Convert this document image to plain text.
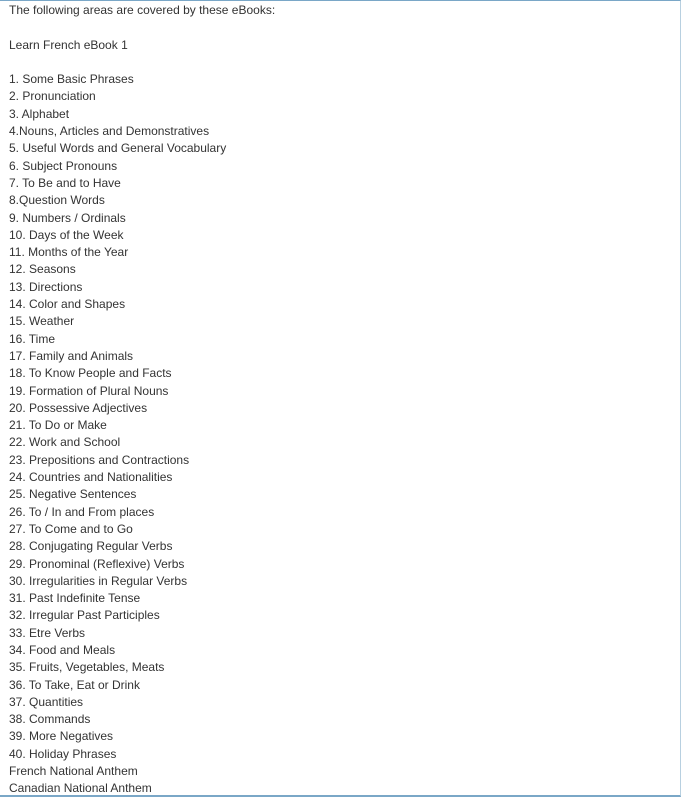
The following areas are covered by these eBooks:
Learn French eBook 1
1. Some Basic Phrases
2. Pronunciation
3. Alphabet
4.Nouns, Articles and Demonstratives
5. Useful Words and General Vocabulary
6. Subject Pronouns
7. To Be and to Have
8.Question Words
9. Numbers / Ordinals
10. Days of the Week
11. Months of the Year
12. Seasons
13. Directions
14. Color and Shapes
15. Weather
16. Time
17. Family and Animals
18. To Know People and Facts
19. Formation of Plural Nouns
20. Possessive Adjectives
21. To Do or Make
22. Work and School
23. Prepositions and Contractions
24. Countries and Nationalities
25. Negative Sentences
26. To / In and From places
27. To Come and to Go
28. Conjugating Regular Verbs
29. Pronominal (Reflexive) Verbs
30. Irregularities in Regular Verbs
31. Past Indefinite Tense
32. Irregular Past Participles
33. Etre Verbs
34. Food and Meals
35. Fruits, Vegetables, Meats
36. To Take, Eat or Drink
37. Quantities
38. Commands
39. More Negatives
40. Holiday Phrases
French National Anthem
Canadian National Anthem
